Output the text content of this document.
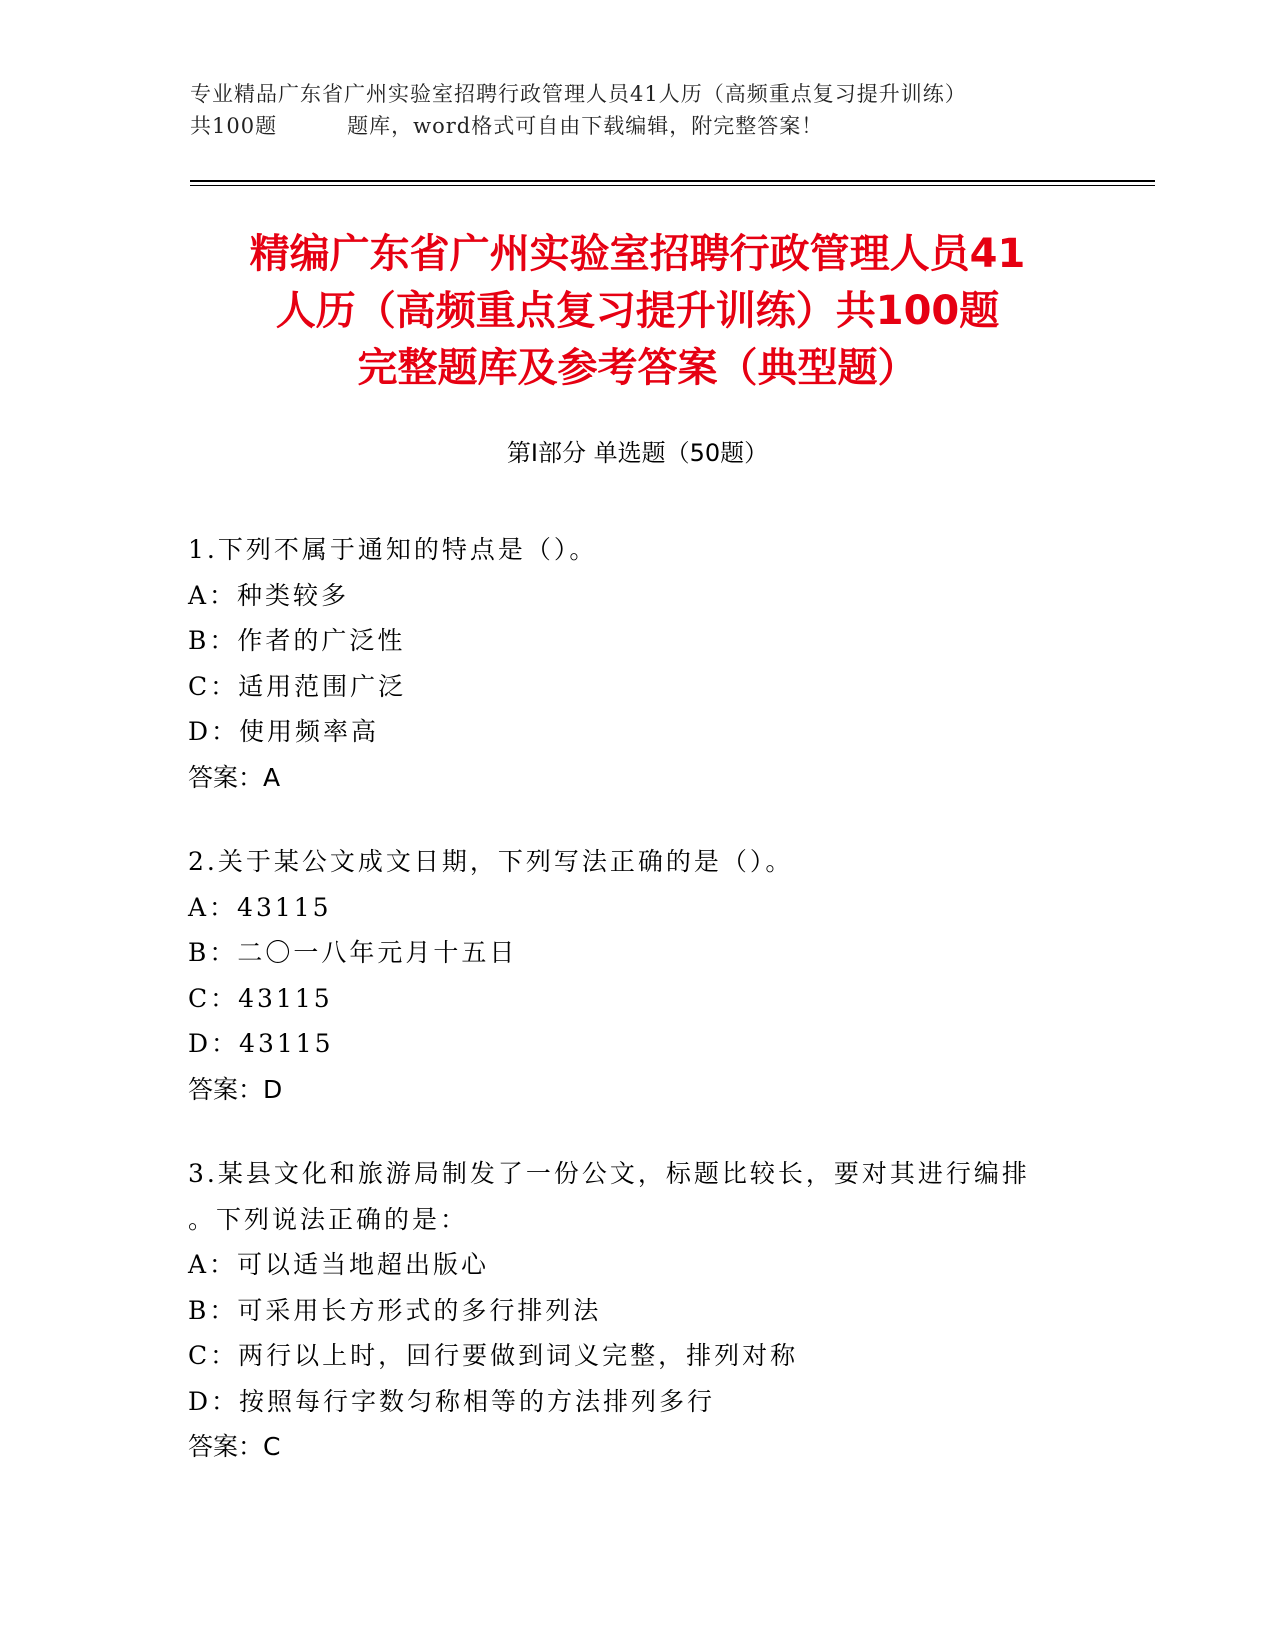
专业精品广东省广州实验室招聘行政管理人员41人历（高频重点复习提升训练）
共100题	题库，word格式可自由下载编辑，附完整答案！
精编广东省广州实验室招聘行政管理人员41
人历（高频重点复习提升训练）共100题
完整题库及参考答案（典型题）
第Ⅰ部分 单选题（50题）
1.下列不属于通知的特点是（）。
A：种类较多
B：作者的广泛性
C：适用范围广泛
D：使用频率高
答案：A
2.关于某公文成文日期，下列写法正确的是（）。
A：43115
B：二〇一八年元月十五日
C：43115
D：43115
答案：D
3.某县文化和旅游局制发了一份公文，标题比较长，要对其进行编排
。下列说法正确的是：
A：可以适当地超出版心
B：可采用长方形式的多行排列法
C：两行以上时，回行要做到词义完整，排列对称
D：按照每行字数匀称相等的方法排列多行
答案：C
